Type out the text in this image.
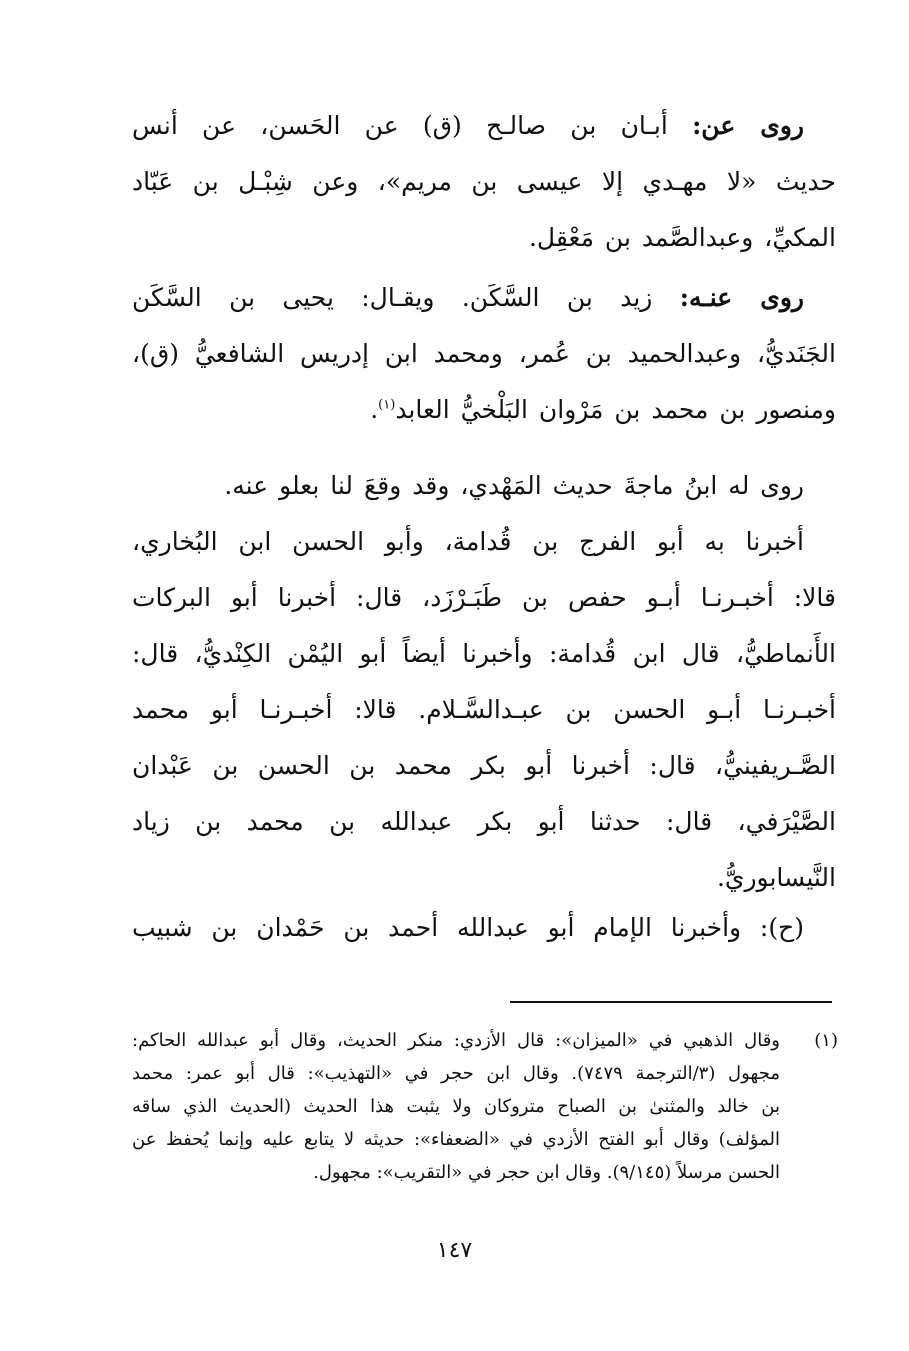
روى عن: أبـان بن صالـح (ق) عن الحَسن، عن أنس
حديث «لا مهـدي إلا عيسى بن مريم»، وعن شِبْـل بن عَبّاد
المكيِّ، وعبدالصَّمد بن مَعْقِل.
روى عنـه: زيد بن السَّكَن. ويقـال: يحيى بن السَّكَن
الجَنَديُّ، وعبدالحميد بن عُمر، ومحمد ابن إدريس الشافعيُّ (ق)،
ومنصور بن محمد بن مَرْوان البَلْخيُّ العابد$^{(١)}$.
روى له ابنُ ماجةَ حديث المَهْدي، وقد وقعَ لنا بعلو عنه.
أخبرنا به أبو الفرج بن قُدامة، وأبو الحسن ابن البُخاري،
قالا: أخبـرنـا أبـو حفص بن طَبَـرْزَد، قال: أخبرنا أبو البركات
الأَنماطيُّ، قال ابن قُدامة: وأخبرنا أيضاً أبو اليُمْن الكِنْديُّ، قال:
أخبـرنـا أبـو الحسن بن عبـدالسَّـلام. قالا: أخبـرنـا أبو محمد
الصَّـريفينيُّ، قال: أخبرنا أبو بكر محمد بن الحسن بن عَبْدان
الصَّيْرَفي، قال: حدثنا أبو بكر عبدالله بن محمد بن زياد
النَّيسابوريُّ.
(ح): وأخبرنا الإمام أبو عبدالله أحمد بن حَمْدان بن شبيب
(١)
وقال الذهبي في «الميزان»: قال الأزدي: منكر الحديث، وقال أبو عبدالله الحاكم:
مجهول (٣/الترجمة ٧٤٧٩). وقال ابن حجر في «التهذيب»: قال أبو عمر: محمد
بن خالد والمثنىٰ بن الصباح متروكان ولا يثبت هذا الحديث (الحديث الذي ساقه
المؤلف) وقال أبو الفتح الأزدي في «الضعفاء»: حديثه لا يتابع عليه وإنما يُحفظ عن
الحسن مرسلاً (٩/١٤٥). وقال ابن حجر في «التقريب»: مجهول.
١٤٧
